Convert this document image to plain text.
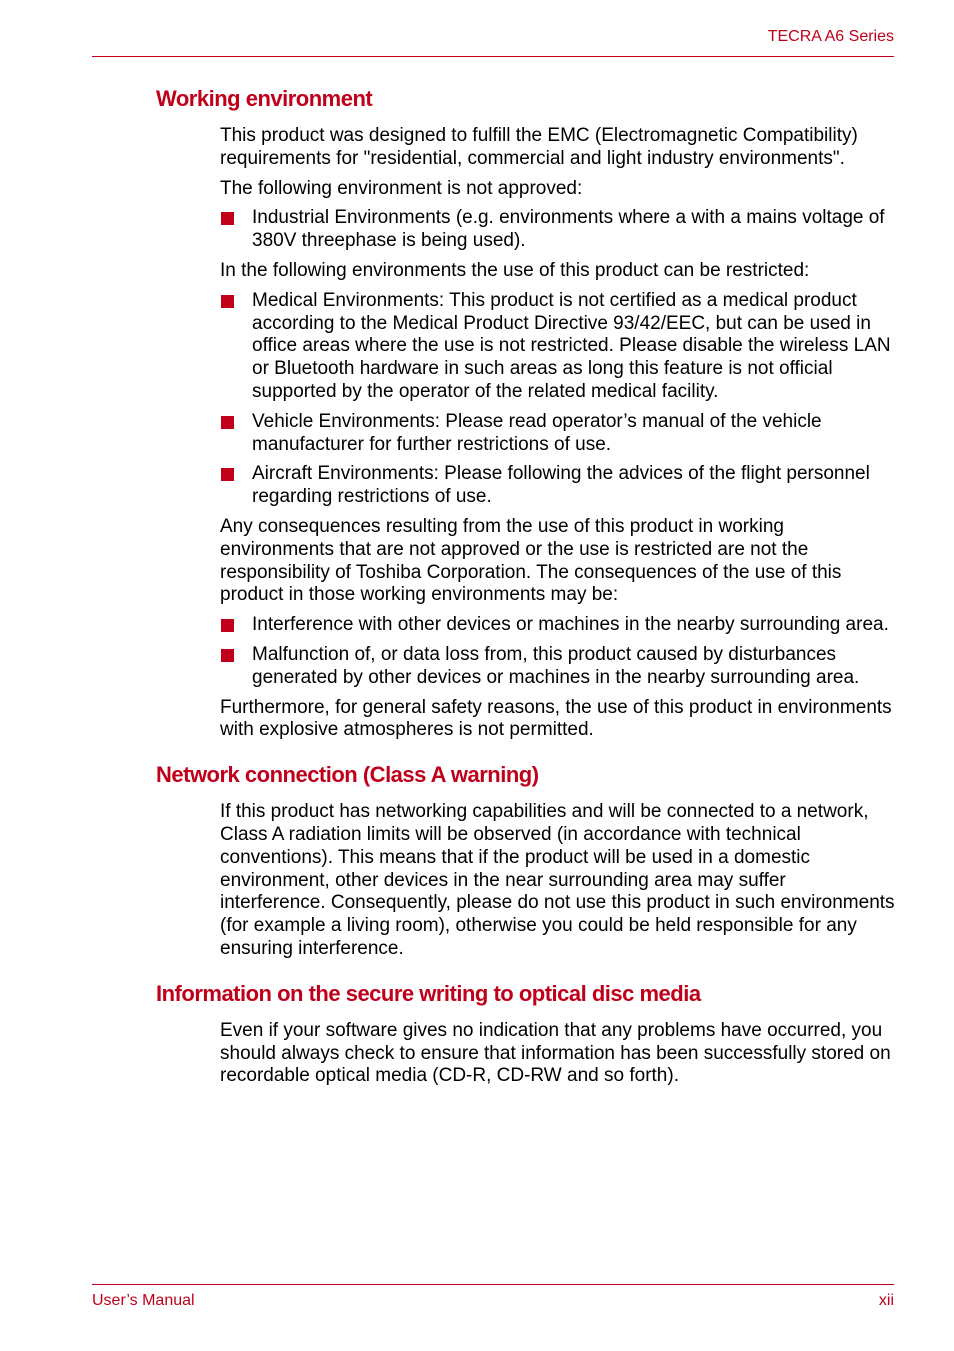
TECRA A6 Series
Working environment

This product was designed to fulfill the EMC (Electromagnetic Compatibility) requirements for "residential, commercial and light industry environments".

The following environment is not approved:

Industrial Environments (e.g. environments where a with a mains voltage of 380V threephase is being used).

In the following environments the use of this product can be restricted:

Medical Environments: This product is not certified as a medical product according to the Medical Product Directive 93/42/EEC, but can be used in office areas where the use is not restricted. Please disable the wireless LAN or Bluetooth hardware in such areas as long this feature is not official supported by the operator of the related medical facility.
Vehicle Environments: Please read operator’s manual of the vehicle manufacturer for further restrictions of use.
Aircraft Environments: Please following the advices of the flight personnel regarding restrictions of use.

Any consequences resulting from the use of this product in working environments that are not approved or the use is restricted are not the responsibility of Toshiba Corporation. The consequences of the use of this product in those working environments may be:

Interference with other devices or machines in the nearby surrounding area.
Malfunction of, or data loss from, this product caused by disturbances generated by other devices or machines in the nearby surrounding area.

Furthermore, for general safety reasons, the use of this product in environments with explosive atmospheres is not permitted.

Network connection (Class A warning)

If this product has networking capabilities and will be connected to a network, Class A radiation limits will be observed (in accordance with technical conventions). This means that if the product will be used in a domestic environment, other devices in the near surrounding area may suffer interference. Consequently, please do not use this product in such environments (for example a living room), otherwise you could be held responsible for any ensuring interference.

Information on the secure writing to optical disc media

Even if your software gives no indication that any problems have occurred, you should always check to ensure that information has been successfully stored on recordable optical media (CD-R, CD-RW and so forth).

User’s Manual	xii
